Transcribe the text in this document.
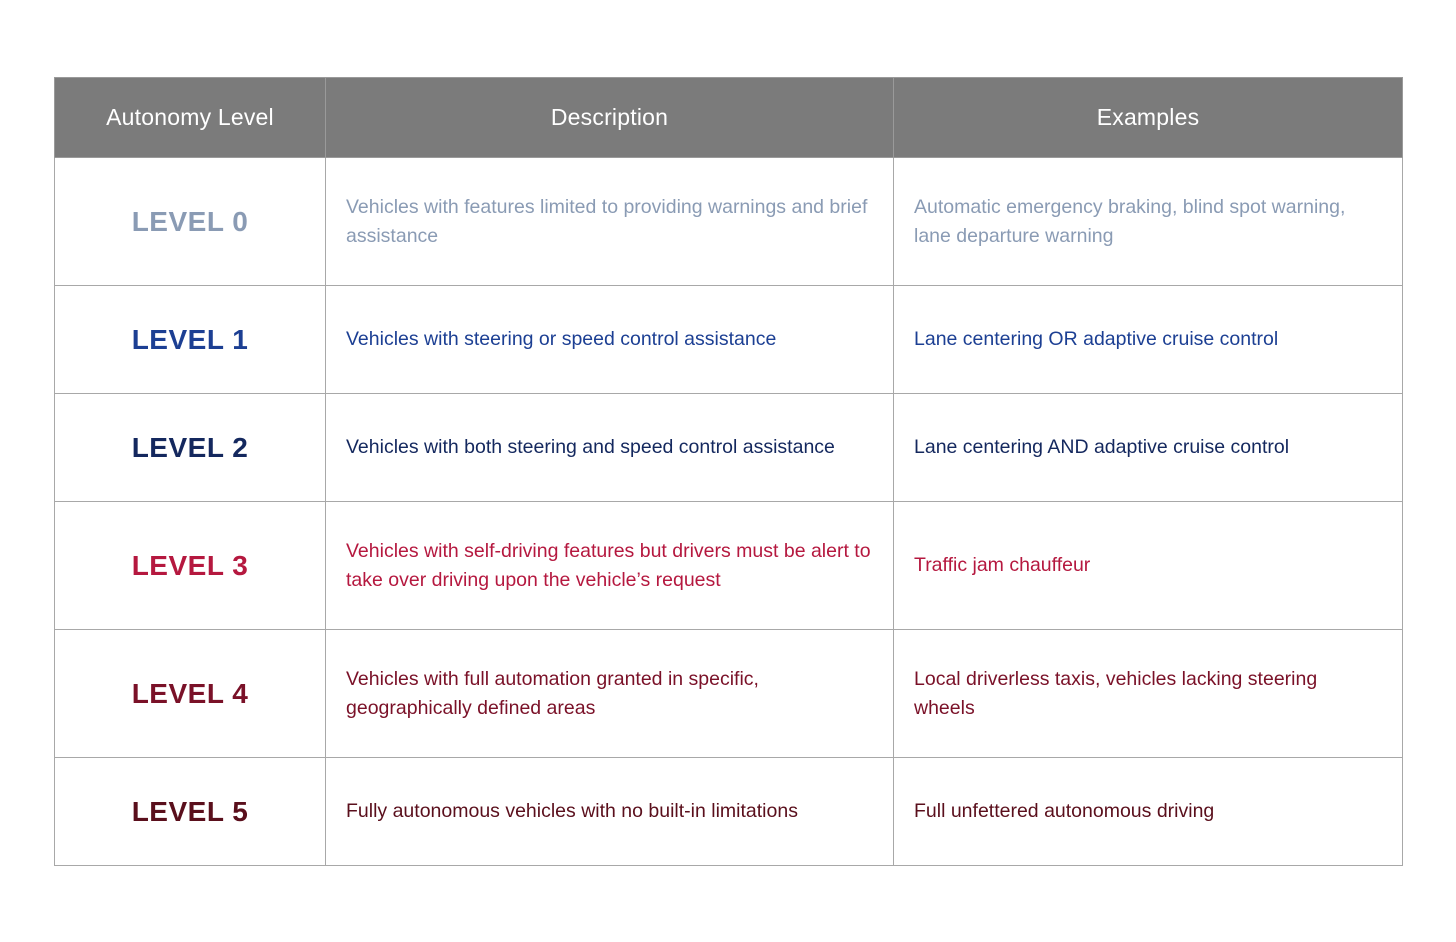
Autonomy Level	Description	Examples
LEVEL 0	Vehicles with features limited to providing warnings and brief assistance	Automatic emergency braking, blind spot warning, lane departure warning
LEVEL 1	Vehicles with steering or speed control assistance	Lane centering OR adaptive cruise control
LEVEL 2	Vehicles with both steering and speed control assistance	Lane centering AND adaptive cruise control
LEVEL 3	Vehicles with self-driving features but drivers must be alert to take over driving upon the vehicle’s request	Traffic jam chauffeur
LEVEL 4	Vehicles with full automation granted in specific, geographically defined areas	Local driverless taxis, vehicles lacking steering wheels
LEVEL 5	Fully autonomous vehicles with no built-in limitations	Full unfettered autonomous driving
